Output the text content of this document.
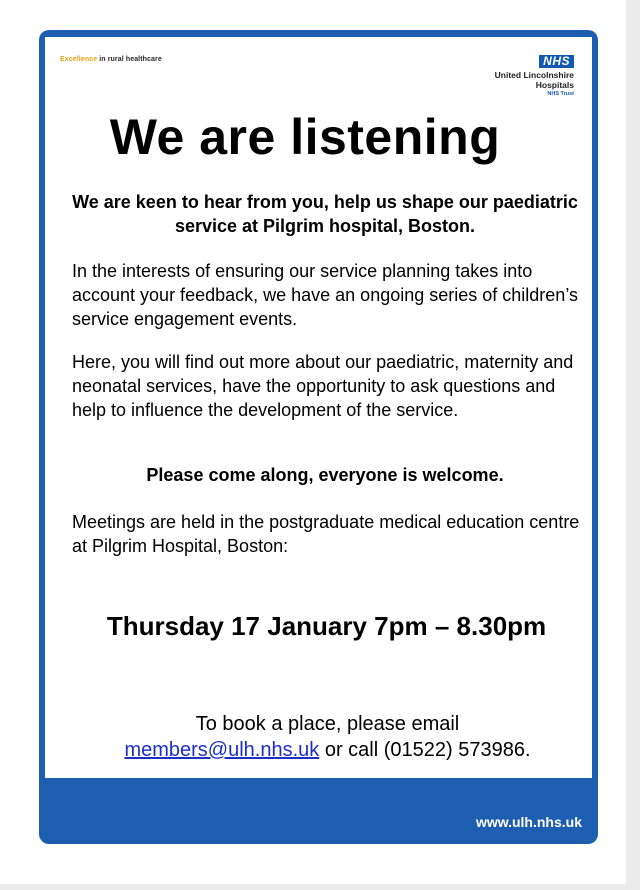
Excellence in rural healthcare	NHS
United Lincolnshire
Hospitals
NHS Trust
We are listening
We are keen to hear from you, help us shape our paediatric service at Pilgrim hospital, Boston.
In the interests of ensuring our service planning takes into account your feedback, we have an ongoing series of children’s service engagement events.
Here, you will find out more about our paediatric, maternity and neonatal services, have the opportunity to ask questions and help to influence the development of the service.
Please come along, everyone is welcome.
Meetings are held in the postgraduate medical education centre at Pilgrim Hospital, Boston:
Thursday 17 January 7pm – 8.30pm
To book a place, please email
members@ulh.nhs.uk or call (01522) 573986.
www.ulh.nhs.uk
